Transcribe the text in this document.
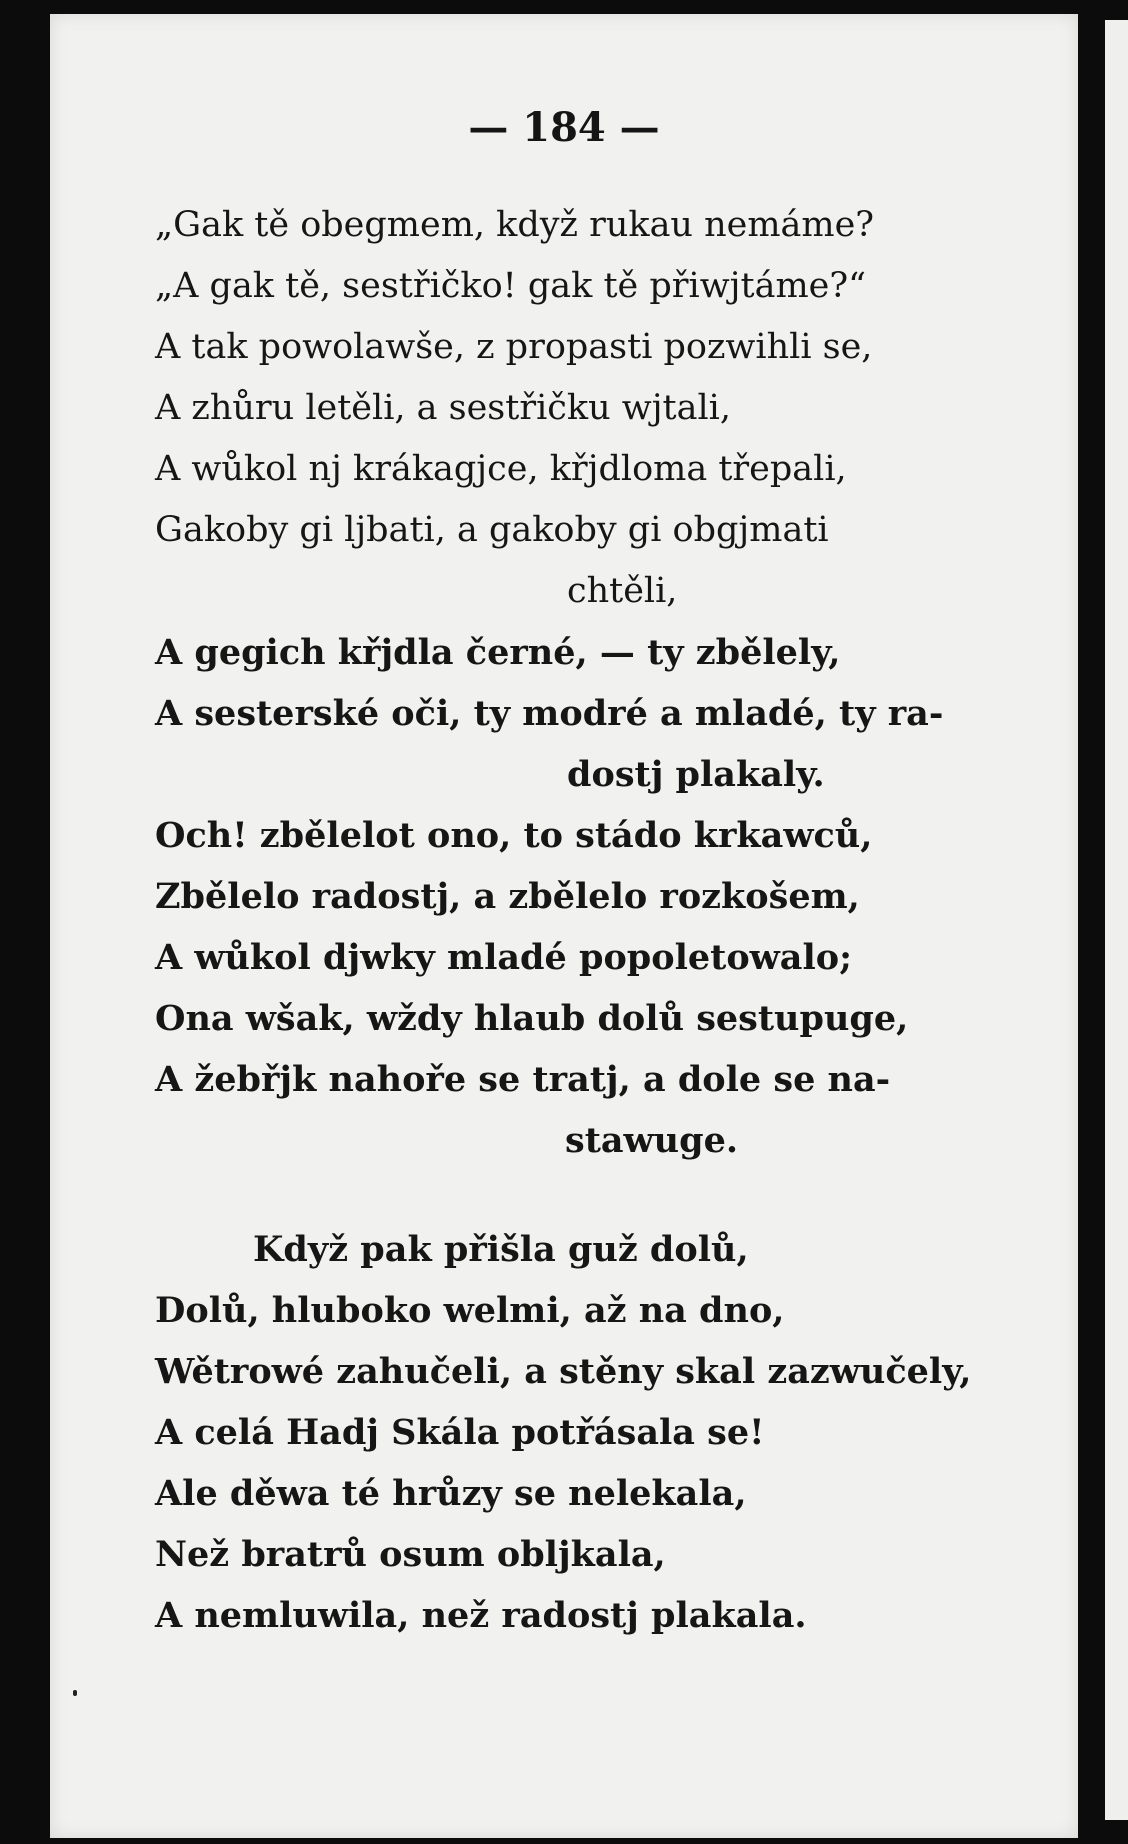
— 184 —
„Gak tě obegmem, když rukau nemáme?
„A gak tě, sestřičko! gak tě přiwjtáme?“
A tak powolawše, z propasti pozwihli se,
A zhůru letěli, a sestřičku wjtali,
A wůkol nj krákagjce, křjdloma třepali,
Gakoby gi ljbati, a gakoby gi obgjmati
chtěli,
A gegich křjdla černé, — ty zbělely,
A sesterské oči, ty modré a mladé, ty ra-
dostj plakaly.
Och! zbělelot ono, to stádo krkawců,
Zbělelo radostj, a zbělelo rozkošem,
A wůkol djwky mladé popoletowalo;
Ona wšak, wždy hlaub dolů sestupuge,
A žebřjk nahoře se tratj, a dole se na-
stawuge.
Když pak přišla guž dolů,
Dolů, hluboko welmi, až na dno,
Wětrowé zahučeli, a stěny skal zazwučely,
A celá Hadj Skála potřásala se!
Ale děwa té hrůzy se nelekala,
Než bratrů osum obljkala,
A nemluwila, než radostj plakala.
